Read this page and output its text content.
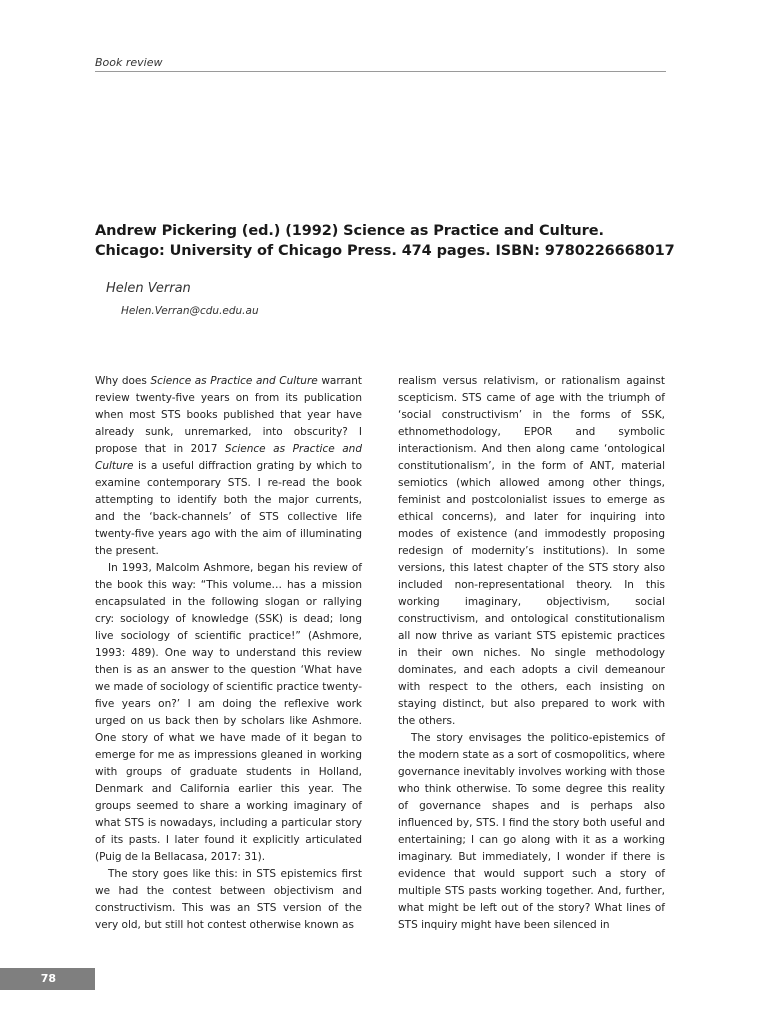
Book review
Andrew Pickering (ed.) (1992) Science as Practice and Culture. Chicago: University of Chicago Press. 474 pages. ISBN: 9780226668017
Helen Verran
Helen.Verran@cdu.edu.au

Why does Science as Practice and Culture warrant review twenty-five years on from its publication when most STS books published that year have already sunk, unremarked, into obscurity? I propose that in 2017 Science as Practice and Culture is a useful diffraction grating by which to examine contemporary STS. I re-read the book attempting to identify both the major currents, and the ‘back-channels’ of STS collective life twenty-five years ago with the aim of illuminating the present.

In 1993, Malcolm Ashmore, began his review of the book this way: “This volume… has a mission encapsulated in the following slogan or rallying cry: sociology of knowledge (SSK) is dead; long live sociology of scientific practice!” (Ashmore, 1993: 489). One way to understand this review then is as an answer to the question ‘What have we made of sociology of scientific practice twenty-five years on?’ I am doing the reflexive work urged on us back then by scholars like Ashmore. One story of what we have made of it began to emerge for me as impressions gleaned in working with groups of graduate students in Holland, Denmark and California earlier this year. The groups seemed to share a working imaginary of what STS is nowadays, including a particular story of its pasts. I later found it explicitly articulated (Puig de la Bellacasa, 2017: 31).

The story goes like this: in STS epistemics first we had the contest between objectivism and constructivism. This was an STS version of the very old, but still hot contest otherwise known as

realism versus relativism, or rationalism against scepticism. STS came of age with the triumph of ‘social constructivism’ in the forms of SSK, ethnomethodology, EPOR and symbolic interactionism. And then along came ‘ontological constitutionalism’, in the form of ANT, material semiotics (which allowed among other things, feminist and postcolonialist issues to emerge as ethical concerns), and later for inquiring into modes of existence (and immodestly proposing redesign of modernity’s institutions). In some versions, this latest chapter of the STS story also included non-representational theory. In this working imaginary, objectivism, social constructivism, and ontological constitutionalism all now thrive as variant STS epistemic practices in their own niches. No single methodology dominates, and each adopts a civil demeanour with respect to the others, each insisting on staying distinct, but also prepared to work with the others.

The story envisages the politico-epistemics of the modern state as a sort of cosmopolitics, where governance inevitably involves working with those who think otherwise. To some degree this reality of governance shapes and is perhaps also influenced by, STS. I find the story both useful and entertaining; I can go along with it as a working imaginary. But immediately, I wonder if there is evidence that would support such a story of multiple STS pasts working together. And, further, what might be left out of the story? What lines of STS inquiry might have been silenced in

78
